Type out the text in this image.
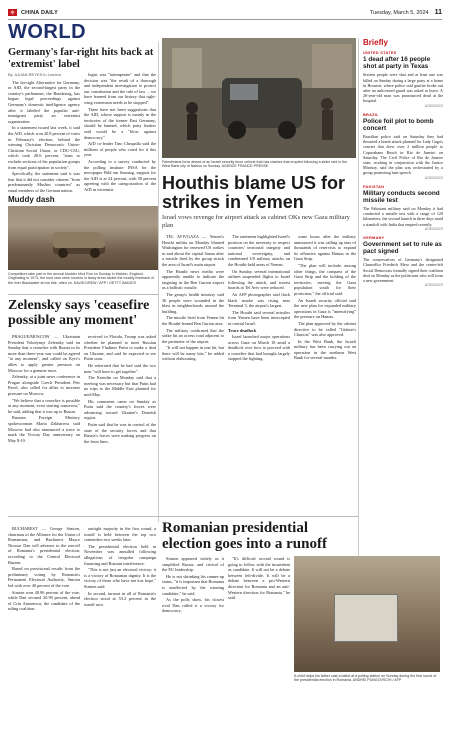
中	CHINA DAILY	Tuesday, March 5, 2024 11
WORLD
Germany's far-right hits back at 'extremist' label
By JULIAN REYES in London

The far-right Alternative for Germany, or AfD, the second-largest party in the country's parliament, the Bundestag, has begun legal proceedings against Germany's domestic intelligence agency after it labeled the populist anti-immigrant party an extremist organization.

In a statement issued last week, it said the AfD, which won 20.8 percent of votes in February's election, behind the winning Christian Democratic Union-Christian Social Union, or CDU-CSU, which took 28.6 percent, "aims to exclude sections of the population groups from equal participation in society".

Specifically, the statement said it was fear that it did not consider citizens "from predominantly Muslim countries" as equal members of the German nation.

logist was "intemperate" and that the decision was "the result of a thorough and independent investigation to protect our constitution and the rule of law ... we have learned from our history that right-wing extremism needs to be stopped".

There have not been suggestions that the AfD, whose support is mainly in the territories of the former East Germany, should be banned, which party leaders said would be a "blow against democracy".

AfD co-leader Tino Chrupalla said the millions of people who voted for it this year.

According to a survey conducted by the polling institute INSA for the newspaper Bild am Sonntag, support for the AfD is at 24 percent, with 58 percent agreeing with the categorization of the AfD as extremist.

Muddy dash
Competitors take part in the annual Mudder Mud Run on Sunday in Maldon, England. Originating in 1973, the mud race sees runners in fancy dress tackle the muddy riverbank of the river Blackwater at low tide, often on. DAVID DREW / AFP / GETTY IMAGES
Zelensky says 'ceasefire possible any moment'

PRAGUE/MOSCOW — Ukrainian President Volodymyr Zelensky said on Sunday that a ceasefire with Russia in its more than three-year war could be agreed "at any moment", and called on Kyiv's allies to apply greater pressure on Moscow for a genuine truce.

Zelensky, at a joint news conference in Prague alongside Czech President Petr Pavel, also called for allies to increase pressure on Moscow.

"We believe that a ceasefire is possible at any moment, even starting tomorrow," he said, adding that it was up to Russia.

Russian Foreign Ministry spokeswoman Maria Zakharova said Moscow had also announced a truce to mark the Victory Day anniversary on May 8-10.

received in Florida, Trump was asked whether he planned to meet Russian President Vladimir Putin to make a deal on Ukraine, and said he expected to see Putin soon.

He reiterated that he had said the two men "will have to get together".

The Kremlin on Monday said that a meeting was necessary but that Putin had no trips to the Middle East planned for mid-May.

His comments came on Sunday as Putin said the country's forces were advancing toward Ukraine's Donetsk region.

Putin said that he was in control of the state of the security forces and that Russia's forces were making progress on the front lines.

Palestinians force ahead of an Israeli security force vehicle that has clashes that erupted following a strike raid in the West Bank city of Nablus on Sunday. AGENCE FRANCE-PRESSE
Houthis blame US for strikes in Yemen
Israel vows revenge for airport attack as cabinet OKs new Gaza military plan

TEL AVIVGAZA — Yemen's Houthi militia on Monday blamed Washington for renewed US strikes in and about the capital Sanaa after a missile fired by the group struck the area of Israel's main airport.

The Houthi news media were apparently unable to indicate the targeting in the Ben Gurion airport as a ballistic missile.

The group's health ministry said 36 people were wounded in the blast in neighborhoods around the building.

The missile fired from Yemen hit the Houthi-leaned Ben Gurion area.

The military confirmed that the strike hit an access road adjacent to the perimeter of the airport.

"It will not happen in one hit, but there will be many hits," he added without elaborating.

The statement highlighted Israel's position on the necessity to respect countries' territorial integrity and national sovereignty, and condemned US military attacks on the Houthi-held areas of Yemen.

On Sunday, several international airlines suspended flights to Israel following the attack, and tourist boards in Tel Aviv were reduced.

An AFP photographer said thick black smoke was rising near Terminal 3, the airport's largest.

The Houthi said several missiles from Yemen have been intercepted in central Israel.

Truce deadlock

Israel launched major operations across Gaza on March 18 amid a deadlock over how to proceed with a ceasefire that had brought largely stopped the fighting.

some hours after the military announced it was calling up tens of thousands of reservists to expand its offensive against Hamas in the Gaza Strip.

"The plan will include, among other things, the conquest of the Gaza Strip and the holding of the territories, moving the Gaza population south for their protection," the official said.

An Israeli security official said the new plan for expanded military operations in Gaza is "intensifying" the pressure on Hamas.

The plan approved by the cabinet directive to be called "Gideon's Chariots" was also approved.

In the West Bank, the Israeli military has been carrying out an operation in the northern West Bank for several months.

Romanian presidential election goes into a runoff

BUCHAREST — George Simion, chairman of the Alliance for the Union of Romanians, and Bucharest Mayor Nicusor Dan will advance to the run-off of Romania's presidential election, according to the Central Electoral Bureau.

Based on provisional results from the preliminary voting by Romania's Permanent Electoral Authority, Simion led with over 40 percent of the vote.

Simion won 40.96 percent of the vote, while Dan secured 20.99 percent, ahead of Crin Antonescu, the candidate of the ruling coalition.

outright majority in the first round, a runoff is held between the top two contenders two weeks later.

The presidential election held in November was annulled following allegations of irregular campaign financing and Russian interference.

"This is not just an electoral victory; it is a victory of Romanian dignity. It is the victory of those who have not lost hope," Simion said.

In second, turnout in all of Romania's election stood at 53.2 percent in the runoff race.

Simion appeared widely as it simplified Russia, and critical of the EU leadership.

He is not shrinking his runner-up status, "it is important that Romania is unaffected by the winning candidate," he said.

As the polls show, his closest rival Dan called it a victory for democracy.

"It's difficult second round is going to follow with the incumbent as candidate. It will not be a debate between left-divide. It will be a debate between a pro-Western direction for Romania and an anti-Western direction for Romania," he said.

A child helps his father cast a ballot at a polling station on Sunday during the first round of the presidential election in Romania. ANDREI PUNGOVSCHI / AFP
Briefly
UNITED STATES
1 dead after 16 people shot at party in Texas
Sixteen people were shot and at least one was killed on Sunday during a large party at a home in Houston, where police said gunfire broke out after an unlicensed guard was asked to leave. A 26-year-old man was pronounced dead at the hospital.
AGENCIES
BRAZIL
Police foil plot to bomb concert
Brazilian police said on Saturday they had thwarted a bomb attack planned for Lady Gaga's concert that drew over 2 million people to Copacabana Beach in Rio de Janeiro on Saturday. The Civil Police of Rio de Janeiro state, working in conjunction with the Justice Ministry, said the plan was orchestrated by a group promoting hate speech.
AGENCIES
PAKISTAN
Military conducts second missile test
The Pakistani military said on Monday it had conducted a missile test with a range of 120 kilometers, the second launch in three days amid a standoff with India that erupted recently.
AGENCIES
GERMANY
Government set to rule as pact signed
The conservatives of Germany's designated Chancellor Friedrich Merz and the center-left Social Democrats formally signed their coalition deal on Monday as the politicians who will form a new government.
AGENCIES
